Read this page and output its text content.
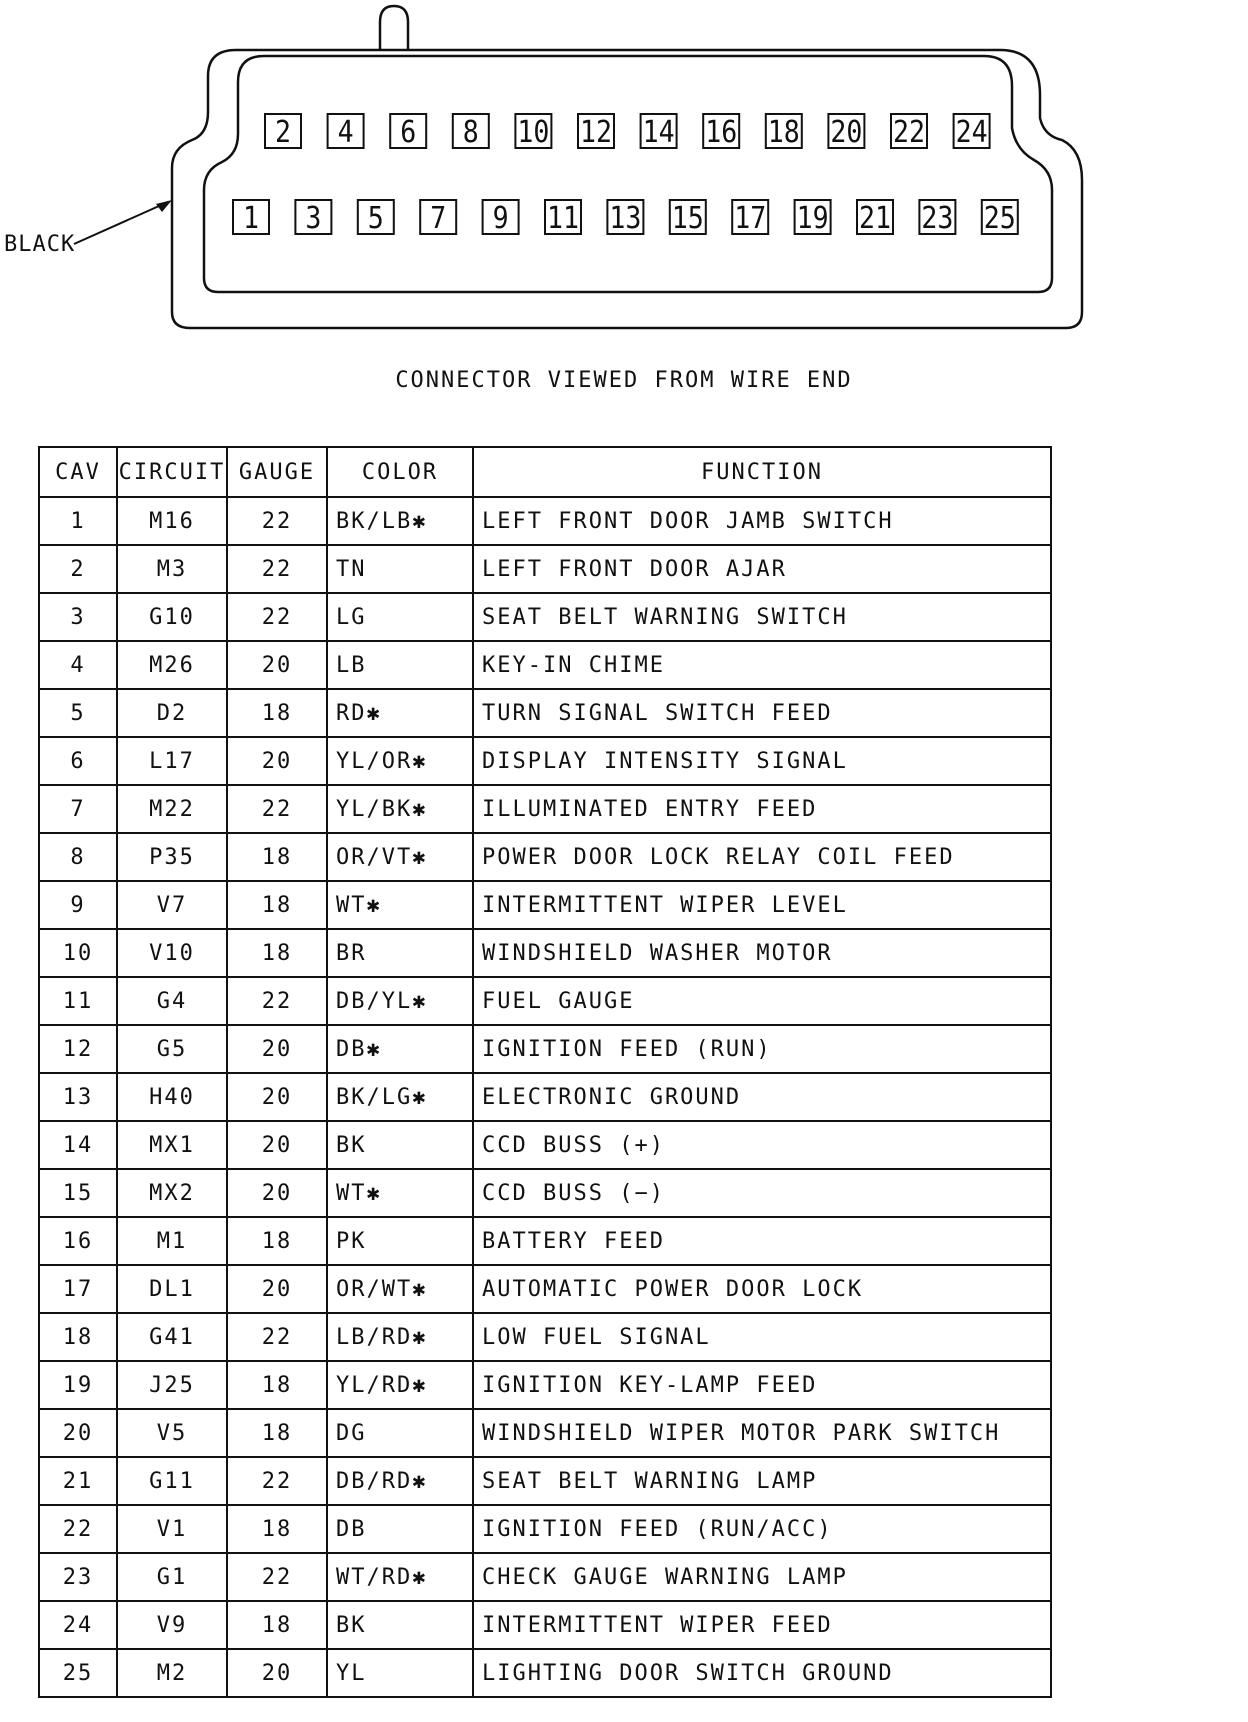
2 4 6 8 10 12 14 16 18 20 22 24
1 3 5 7 9 11 13 15 17 19 21 23 25
BLACK
CONNECTOR VIEWED FROM WIRE END
CAV	CIRCUIT	GAUGE	COLOR	FUNCTION
1	M16	22	BK/LB✱	LEFT FRONT DOOR JAMB SWITCH
2	M3	22	TN	LEFT FRONT DOOR AJAR
3	G10	22	LG	SEAT BELT WARNING SWITCH
4	M26	20	LB	KEY-IN CHIME
5	D2	18	RD✱	TURN SIGNAL SWITCH FEED
6	L17	20	YL/OR✱	DISPLAY INTENSITY SIGNAL
7	M22	22	YL/BK✱	ILLUMINATED ENTRY FEED
8	P35	18	OR/VT✱	POWER DOOR LOCK RELAY COIL FEED
9	V7	18	WT✱	INTERMITTENT WIPER LEVEL
10	V10	18	BR	WINDSHIELD WASHER MOTOR
11	G4	22	DB/YL✱	FUEL GAUGE
12	G5	20	DB✱	IGNITION FEED (RUN)
13	H40	20	BK/LG✱	ELECTRONIC GROUND
14	MX1	20	BK	CCD BUSS (+)
15	MX2	20	WT✱	CCD BUSS (−)
16	M1	18	PK	BATTERY FEED
17	DL1	20	OR/WT✱	AUTOMATIC POWER DOOR LOCK
18	G41	22	LB/RD✱	LOW FUEL SIGNAL
19	J25	18	YL/RD✱	IGNITION KEY-LAMP FEED
20	V5	18	DG	WINDSHIELD WIPER MOTOR PARK SWITCH
21	G11	22	DB/RD✱	SEAT BELT WARNING LAMP
22	V1	18	DB	IGNITION FEED (RUN/ACC)
23	G1	22	WT/RD✱	CHECK GAUGE WARNING LAMP
24	V9	18	BK	INTERMITTENT WIPER FEED
25	M2	20	YL	LIGHTING DOOR SWITCH GROUND
